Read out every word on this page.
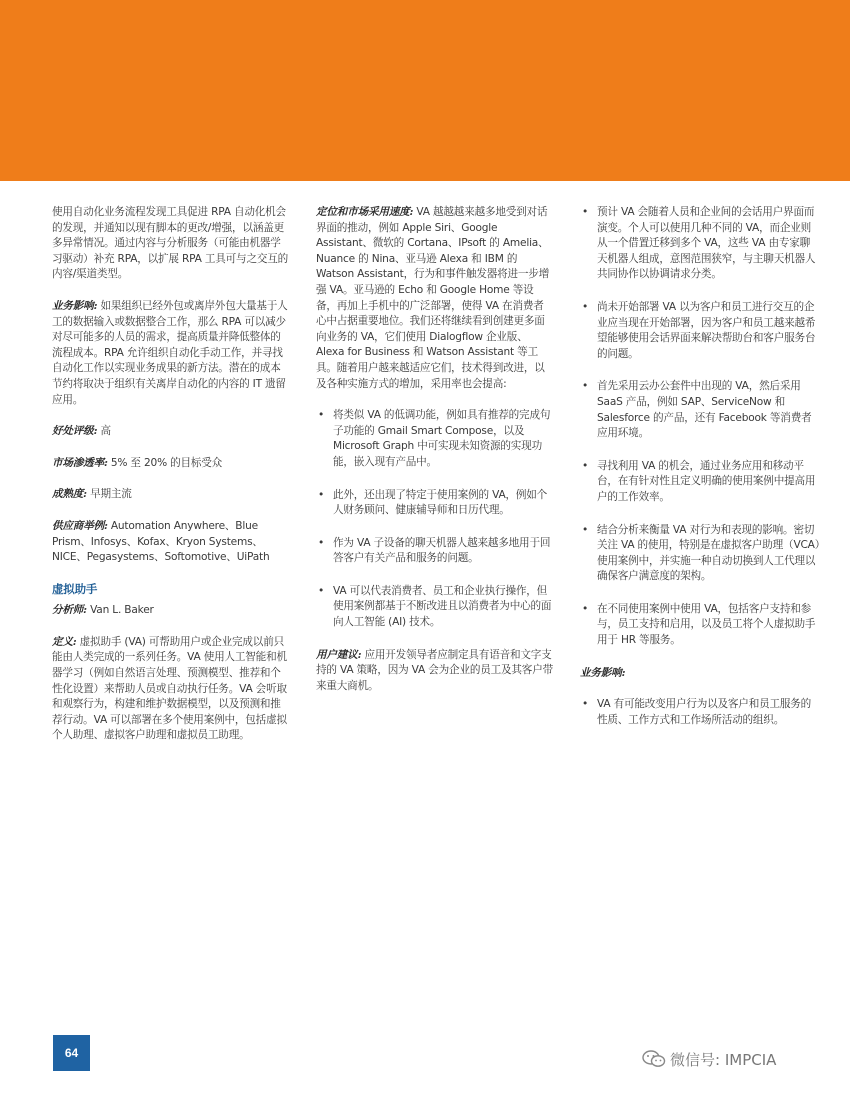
使用自动化业务流程发现工具促进 RPA 自动化机会的发现，并通知以现有脚本的更改/增强，以涵盖更多异常情况。通过内容与分析服务（可能由机器学习驱动）补充 RPA，以扩展 RPA 工具可与之交互的内容/渠道类型。

业务影响: 如果组织已经外包或离岸外包大量基于人工的数据输入或数据整合工作，那么 RPA 可以减少对尽可能多的人员的需求，提高质量并降低整体的流程成本。RPA 允许组织自动化手动工作，并寻找自动化工作以实现业务成果的新方法。潜在的成本节约将取决于组织有关离岸自动化的内容的 IT 遗留应用。

好处评级: 高

市场渗透率: 5% 至 20% 的目标受众

成熟度: 早期主流

供应商举例: Automation Anywhere、Blue Prism、Infosys、Kofax、Kryon Systems、NICE、Pegasystems、Softomotive、UiPath

虚拟助手

分析师: Van L. Baker

定义: 虚拟助手 (VA) 可帮助用户或企业完成以前只能由人类完成的一系列任务。VA 使用人工智能和机器学习（例如自然语言处理、预测模型、推荐和个性化设置）来帮助人员或自动执行任务。VA 会听取和观察行为，构建和维护数据模型，以及预测和推荐行动。VA 可以部署在多个使用案例中，包括虚拟个人助理、虚拟客户助理和虚拟员工助理。

定位和市场采用速度: VA 越越越来越多地受到对话界面的推动，例如 Apple Siri、Google Assistant、微软的 Cortana、IPsoft 的 Amelia、Nuance 的 Nina、亚马逊 Alexa 和 IBM 的 Watson Assistant，行为和事件触发器将进一步增强 VA。亚马逊的 Echo 和 Google Home 等设备，再加上手机中的广泛部署，使得 VA 在消费者心中占据重要地位。我们还将继续看到创建更多面向业务的 VA，它们使用 Dialogflow 企业版、Alexa for Business 和 Watson Assistant 等工具。随着用户越来越适应它们，技术得到改进，以及各种实施方式的增加，采用率也会提高:

• 将类似 VA 的低调功能，例如具有推荐的完成句子功能的 Gmail Smart Compose，以及 Microsoft Graph 中可实现未知资源的实现功能，嵌入现有产品中。
• 此外，还出现了特定于使用案例的 VA，例如个人财务顾问、健康辅导师和日历代理。
• 作为 VA 子设备的聊天机器人越来越多地用于回答客户有关产品和服务的问题。
• VA 可以代表消费者、员工和企业执行操作，但使用案例都基于不断改进且以消费者为中心的面向人工智能 (AI) 技术。

用户建议: 应用开发领导者应制定具有语音和文字支持的 VA 策略，因为 VA 会为企业的员工及其客户带来重大商机。

• 预计 VA 会随着人员和企业间的会话用户界面而演变。个人可以使用几种不同的 VA，而企业则从一个借置迁移到多个 VA，这些 VA 由专家聊天机器人组成，意图范围狭窄，与主聊天机器人共同协作以协调请求分类。
• 尚未开始部署 VA 以为客户和员工进行交互的企业应当现在开始部署，因为客户和员工越来越希望能够使用会话界面来解决帮助台和客户服务台的问题。
• 首先采用云办公套件中出现的 VA，然后采用 SaaS 产品，例如 SAP、ServiceNow 和 Salesforce 的产品，还有 Facebook 等消费者应用环境。
• 寻找利用 VA 的机会，通过业务应用和移动平台，在有针对性且定义明确的使用案例中提高用户的工作效率。
• 结合分析来衡量 VA 对行为和表现的影响。密切关注 VA 的使用，特别是在虚拟客户助理（VCA）使用案例中，并实施一种自动切换到人工代理以确保客户满意度的架构。
• 在不同使用案例中使用 VA，包括客户支持和参与，员工支持和启用，以及员工将个人虚拟助手用于 HR 等服务。

业务影响:

• VA 有可能改变用户行为以及客户和员工服务的性质、工作方式和工作场所活动的组织。
64	微信号: IMPCIA
